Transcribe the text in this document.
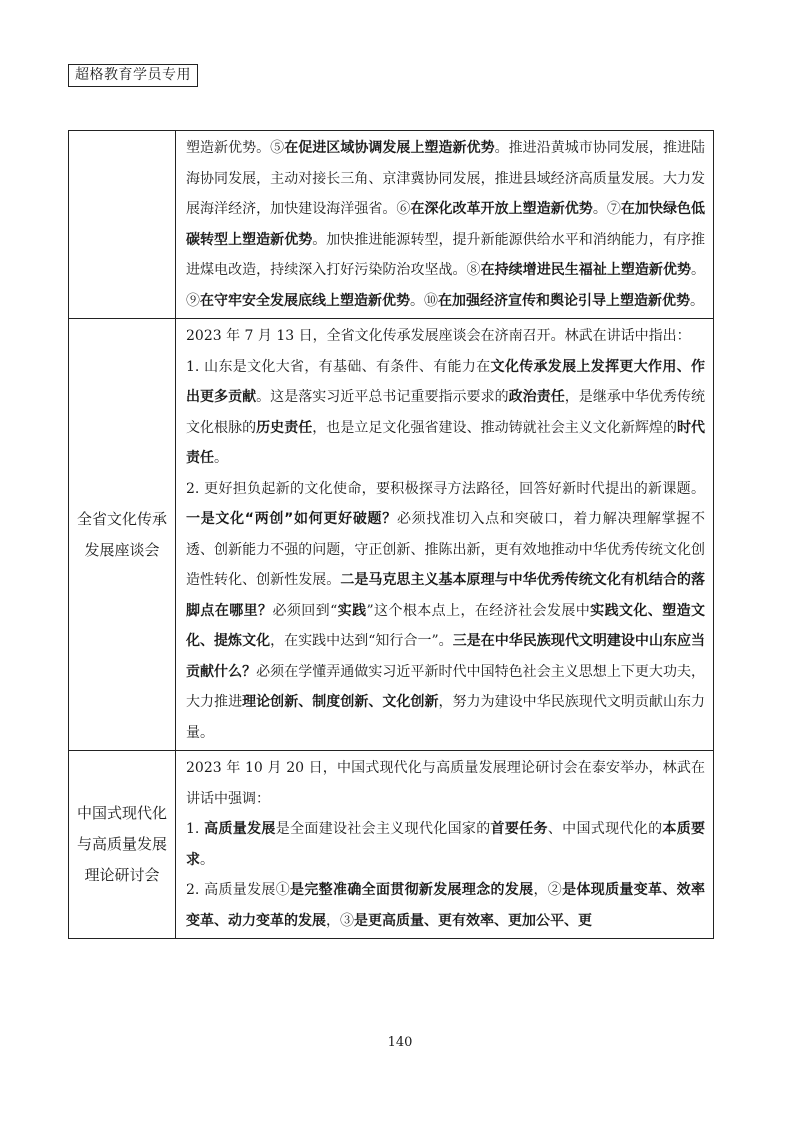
超格教育学员专用

	塑造新优势。⑤在促进区域协调发展上塑造新优势。推进沿黄城市协同发展，推进陆海协同发展，主动对接长三角、京津冀协同发展，推进县域经济高质量发展。大力发展海洋经济，加快建设海洋强省。⑥在深化改革开放上塑造新优势。⑦在加快绿色低碳转型上塑造新优势。加快推进能源转型，提升新能源供给水平和消纳能力，有序推进煤电改造，持续深入打好污染防治攻坚战。⑧在持续增进民生福祉上塑造新优势。⑨在守牢安全发展底线上塑造新优势。⑩在加强经济宣传和舆论引导上塑造新优势。

全省文化传承发展座谈会	2023 年 7 月 13 日，全省文化传承发展座谈会在济南召开。林武在讲话中指出：

1. 山东是文化大省，有基础、有条件、有能力在文化传承发展上发挥更大作用、作出更多贡献。这是落实习近平总书记重要指示要求的政治责任，是继承中华优秀传统文化根脉的历史责任，也是立足文化强省建设、推动铸就社会主义文化新辉煌的时代责任。

2. 更好担负起新的文化使命，要积极探寻方法路径，回答好新时代提出的新课题。一是文化“两创”如何更好破题？必须找准切入点和突破口，着力解决理解掌握不透、创新能力不强的问题，守正创新、推陈出新，更有效地推动中华优秀传统文化创造性转化、创新性发展。二是马克思主义基本原理与中华优秀传统文化有机结合的落脚点在哪里？必须回到“实践”这个根本点上，在经济社会发展中实践文化、塑造文化、提炼文化，在实践中达到“知行合一”。三是在中华民族现代文明建设中山东应当贡献什么？必须在学懂弄通做实习近平新时代中国特色社会主义思想上下更大功夫，大力推进理论创新、制度创新、文化创新，努力为建设中华民族现代文明贡献山东力量。

中国式现代化与高质量发展理论研讨会	2023 年 10 月 20 日，中国式现代化与高质量发展理论研讨会在泰安举办，林武在讲话中强调：

1. 高质量发展是全面建设社会主义现代化国家的首要任务、中国式现代化的本质要求。

2. 高质量发展①是完整准确全面贯彻新发展理念的发展，②是体现质量变革、效率变革、动力变革的发展，③是更高质量、更有效率、更加公平、更

140
